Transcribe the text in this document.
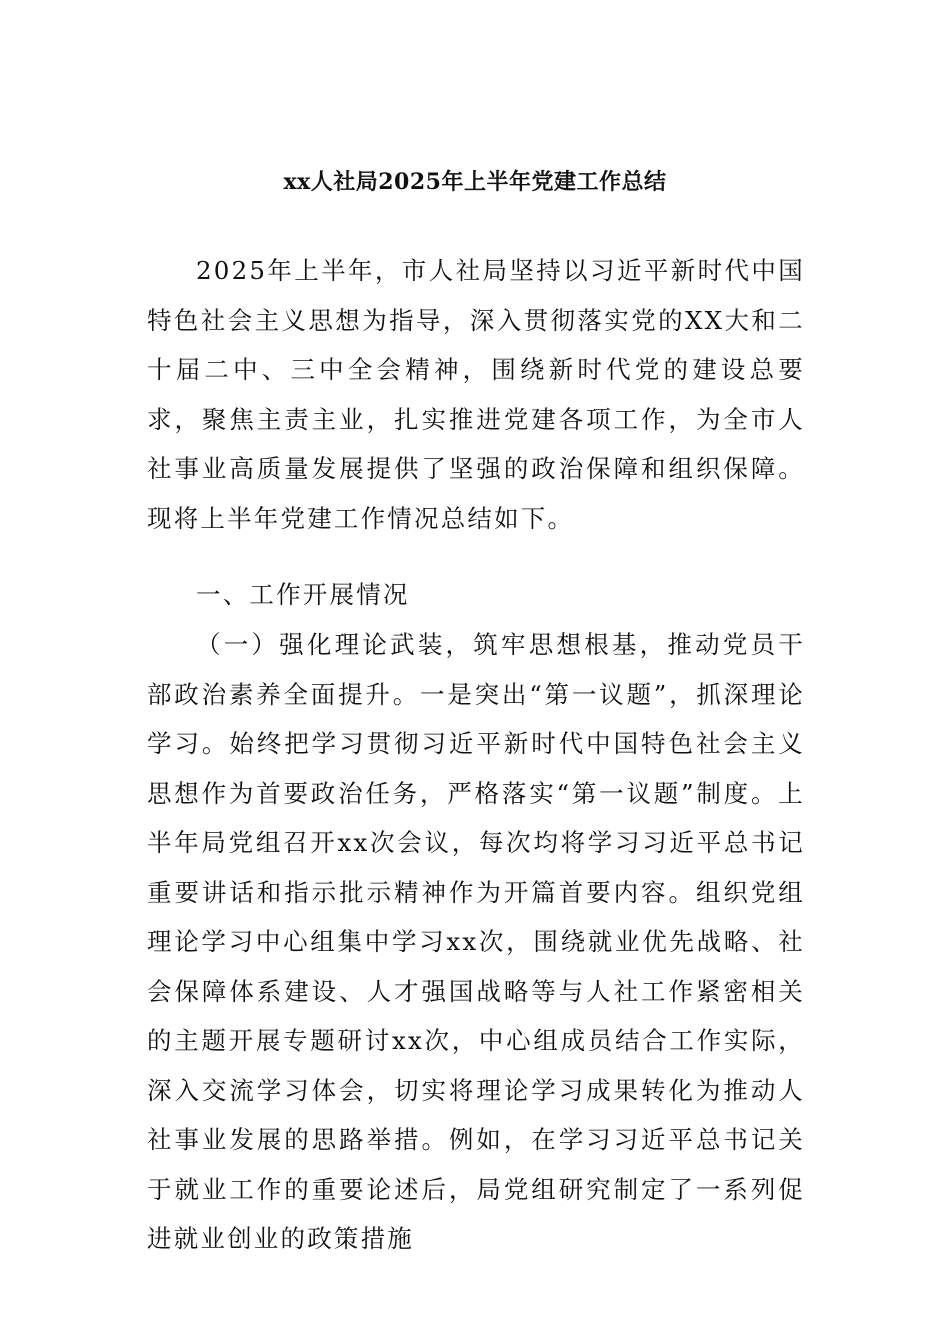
xx人社局2025年上半年党建工作总结

2025年上半年，市人社局坚持以习近平新时代中国特色社会主义思想为指导，深入贯彻落实党的XX大和二十届二中、三中全会精神，围绕新时代党的建设总要求，聚焦主责主业，扎实推进党建各项工作，为全市人社事业高质量发展提供了坚强的政治保障和组织保障。现将上半年党建工作情况总结如下。

一、工作开展情况

（一）强化理论武装，筑牢思想根基，推动党员干部政治素养全面提升。一是突出“第一议题”，抓深理论学习。始终把学习贯彻习近平新时代中国特色社会主义思想作为首要政治任务，严格落实“第一议题”制度。上半年局党组召开xx次会议，每次均将学习习近平总书记重要讲话和指示批示精神作为开篇首要内容。组织党组理论学习中心组集中学习xx次，围绕就业优先战略、社会保障体系建设、人才强国战略等与人社工作紧密相关的主题开展专题研讨xx次，中心组成员结合工作实际，深入交流学习体会，切实将理论学习成果转化为推动人社事业发展的思路举措。例如，在学习习近平总书记关于就业工作的重要论述后，局党组研究制定了一系列促进就业创业的政策措施
